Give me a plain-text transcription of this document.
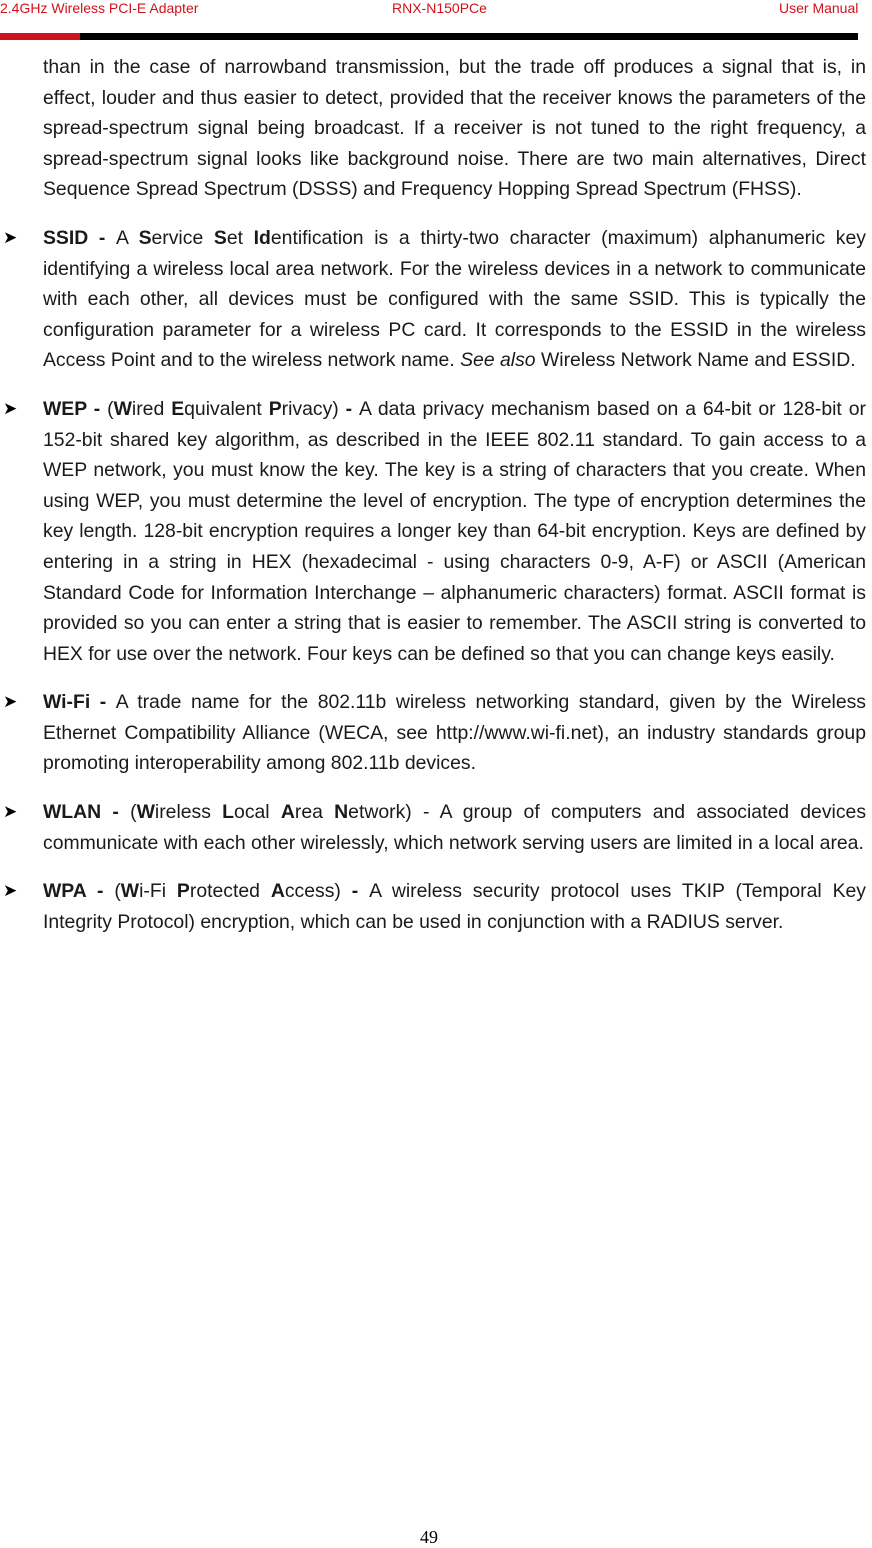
2.4GHz Wireless PCI-E Adapter	RNX-N150PCe	User Manual

than in the case of narrowband transmission, but the trade off produces a signal that is, in effect, louder and thus easier to detect, provided that the receiver knows the parameters of the spread-spectrum signal being broadcast. If a receiver is not tuned to the right frequency, a spread-spectrum signal looks like background noise. There are two main alternatives, Direct Sequence Spread Spectrum (DSSS) and Frequency Hopping Spread Spectrum (FHSS).

➤ SSID - A Service Set Identification is a thirty-two character (maximum) alphanumeric key identifying a wireless local area network. For the wireless devices in a network to communicate with each other, all devices must be configured with the same SSID. This is typically the configuration parameter for a wireless PC card. It corresponds to the ESSID in the wireless Access Point and to the wireless network name. See also Wireless Network Name and ESSID.
➤ WEP - (Wired Equivalent Privacy) - A data privacy mechanism based on a 64-bit or 128-bit or 152-bit shared key algorithm, as described in the IEEE 802.11 standard. To gain access to a WEP network, you must know the key. The key is a string of characters that you create. When using WEP, you must determine the level of encryption. The type of encryption determines the key length. 128-bit encryption requires a longer key than 64-bit encryption. Keys are defined by entering in a string in HEX (hexadecimal - using characters 0-9, A-F) or ASCII (American Standard Code for Information Interchange – alphanumeric characters) format. ASCII format is provided so you can enter a string that is easier to remember. The ASCII string is converted to HEX for use over the network. Four keys can be defined so that you can change keys easily.
➤ Wi-Fi - A trade name for the 802.11b wireless networking standard, given by the Wireless Ethernet Compatibility Alliance (WECA, see http://www.wi-fi.net), an industry standards group promoting interoperability among 802.11b devices.
➤ WLAN - (Wireless Local Area Network) - A group of computers and associated devices communicate with each other wirelessly, which network serving users are limited in a local area.
➤ WPA - (Wi-Fi Protected Access) - A wireless security protocol uses TKIP (Temporal Key Integrity Protocol) encryption, which can be used in conjunction with a RADIUS server.
49
